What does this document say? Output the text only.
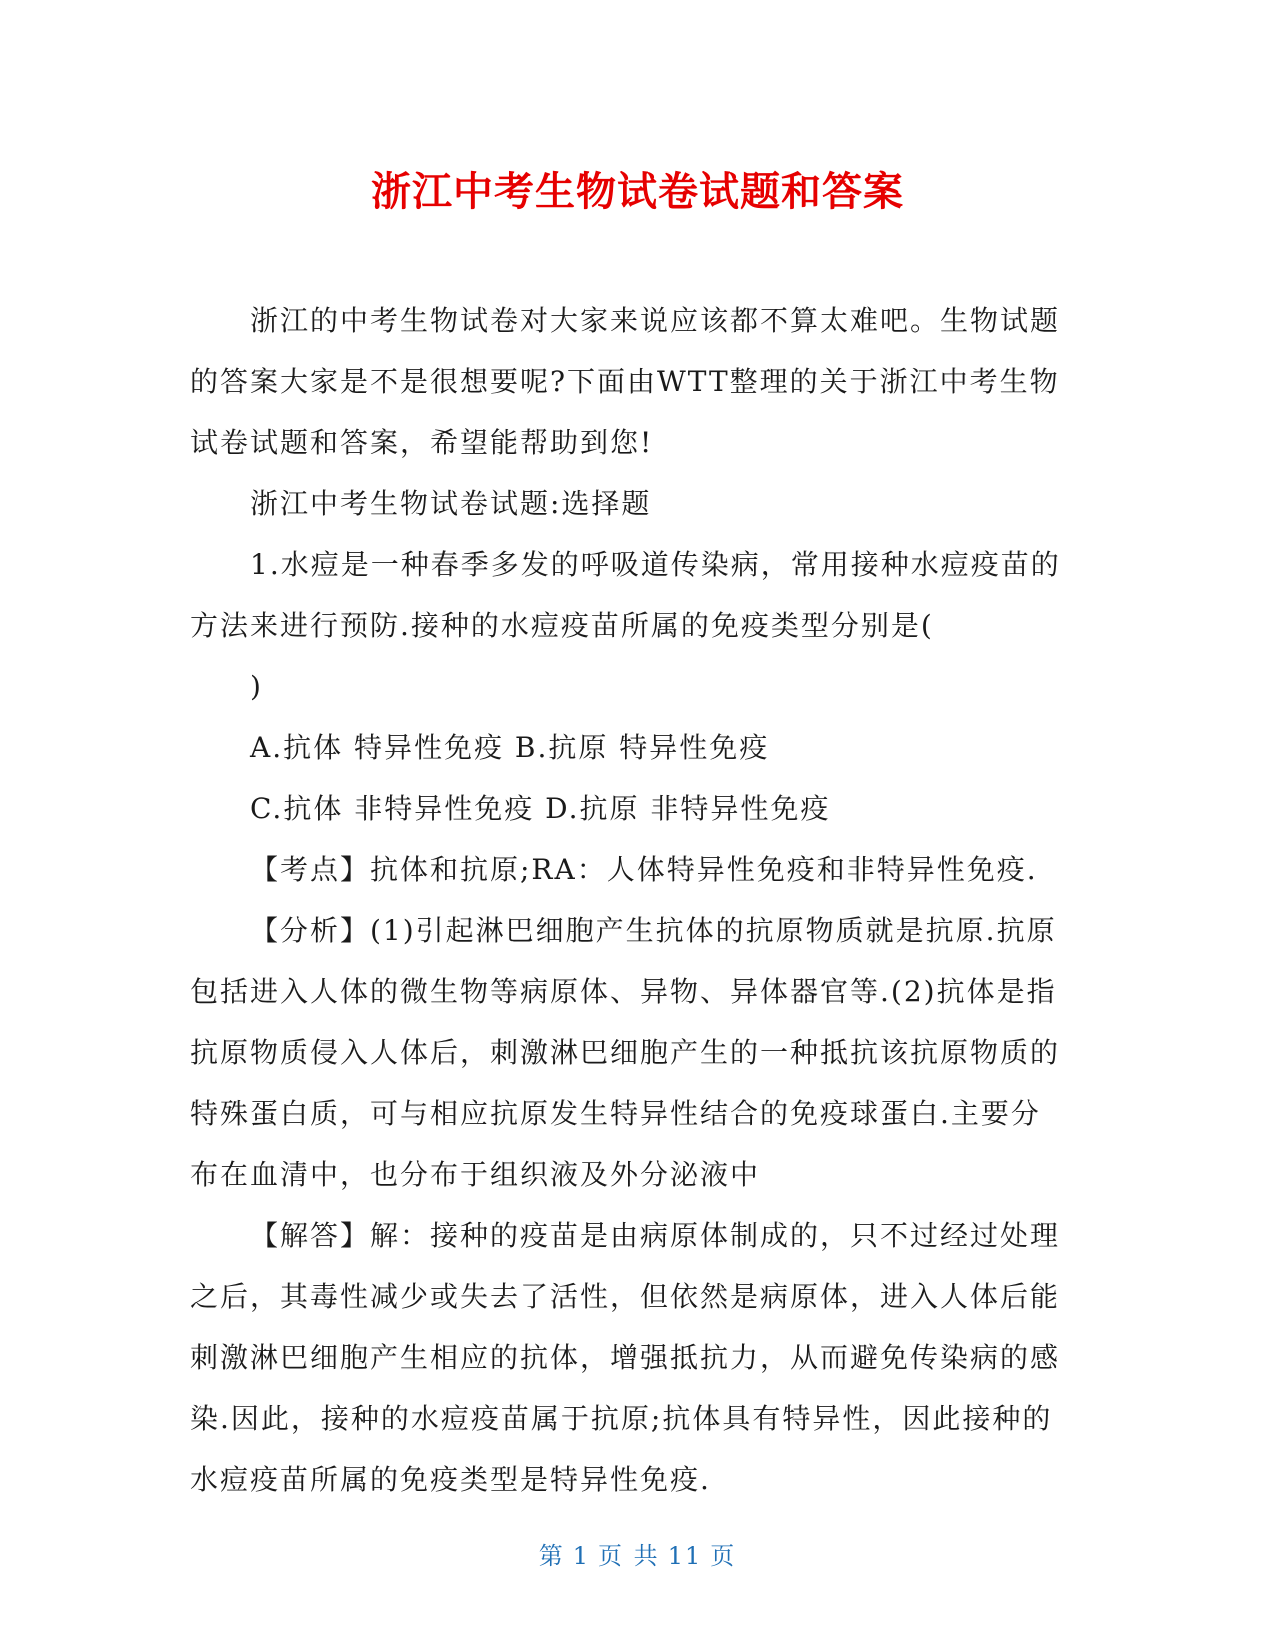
浙江中考生物试卷试题和答案

浙江的中考生物试卷对大家来说应该都不算太难吧。生物试题的答案大家是不是很想要呢?下面由WTT整理的关于浙江中考生物试卷试题和答案，希望能帮助到您!

浙江中考生物试卷试题:选择题

1.水痘是一种春季多发的呼吸道传染病，常用接种水痘疫苗的方法来进行预防.接种的水痘疫苗所属的免疫类型分别是(

)

A.抗体 特异性免疫 B.抗原 特异性免疫

C.抗体 非特异性免疫 D.抗原 非特异性免疫

【考点】抗体和抗原;RA：人体特异性免疫和非特异性免疫.

【分析】(1)引起淋巴细胞产生抗体的抗原物质就是抗原.抗原包括进入人体的微生物等病原体、异物、异体器官等.(2)抗体是指抗原物质侵入人体后，刺激淋巴细胞产生的一种抵抗该抗原物质的特殊蛋白质，可与相应抗原发生特异性结合的免疫球蛋白.主要分布在血清中，也分布于组织液及外分泌液中

【解答】解：接种的疫苗是由病原体制成的，只不过经过处理之后，其毒性减少或失去了活性，但依然是病原体，进入人体后能刺激淋巴细胞产生相应的抗体，增强抵抗力，从而避免传染病的感染.因此，接种的水痘疫苗属于抗原;抗体具有特异性，因此接种的水痘疫苗所属的免疫类型是特异性免疫.

第 1 页 共 11 页
